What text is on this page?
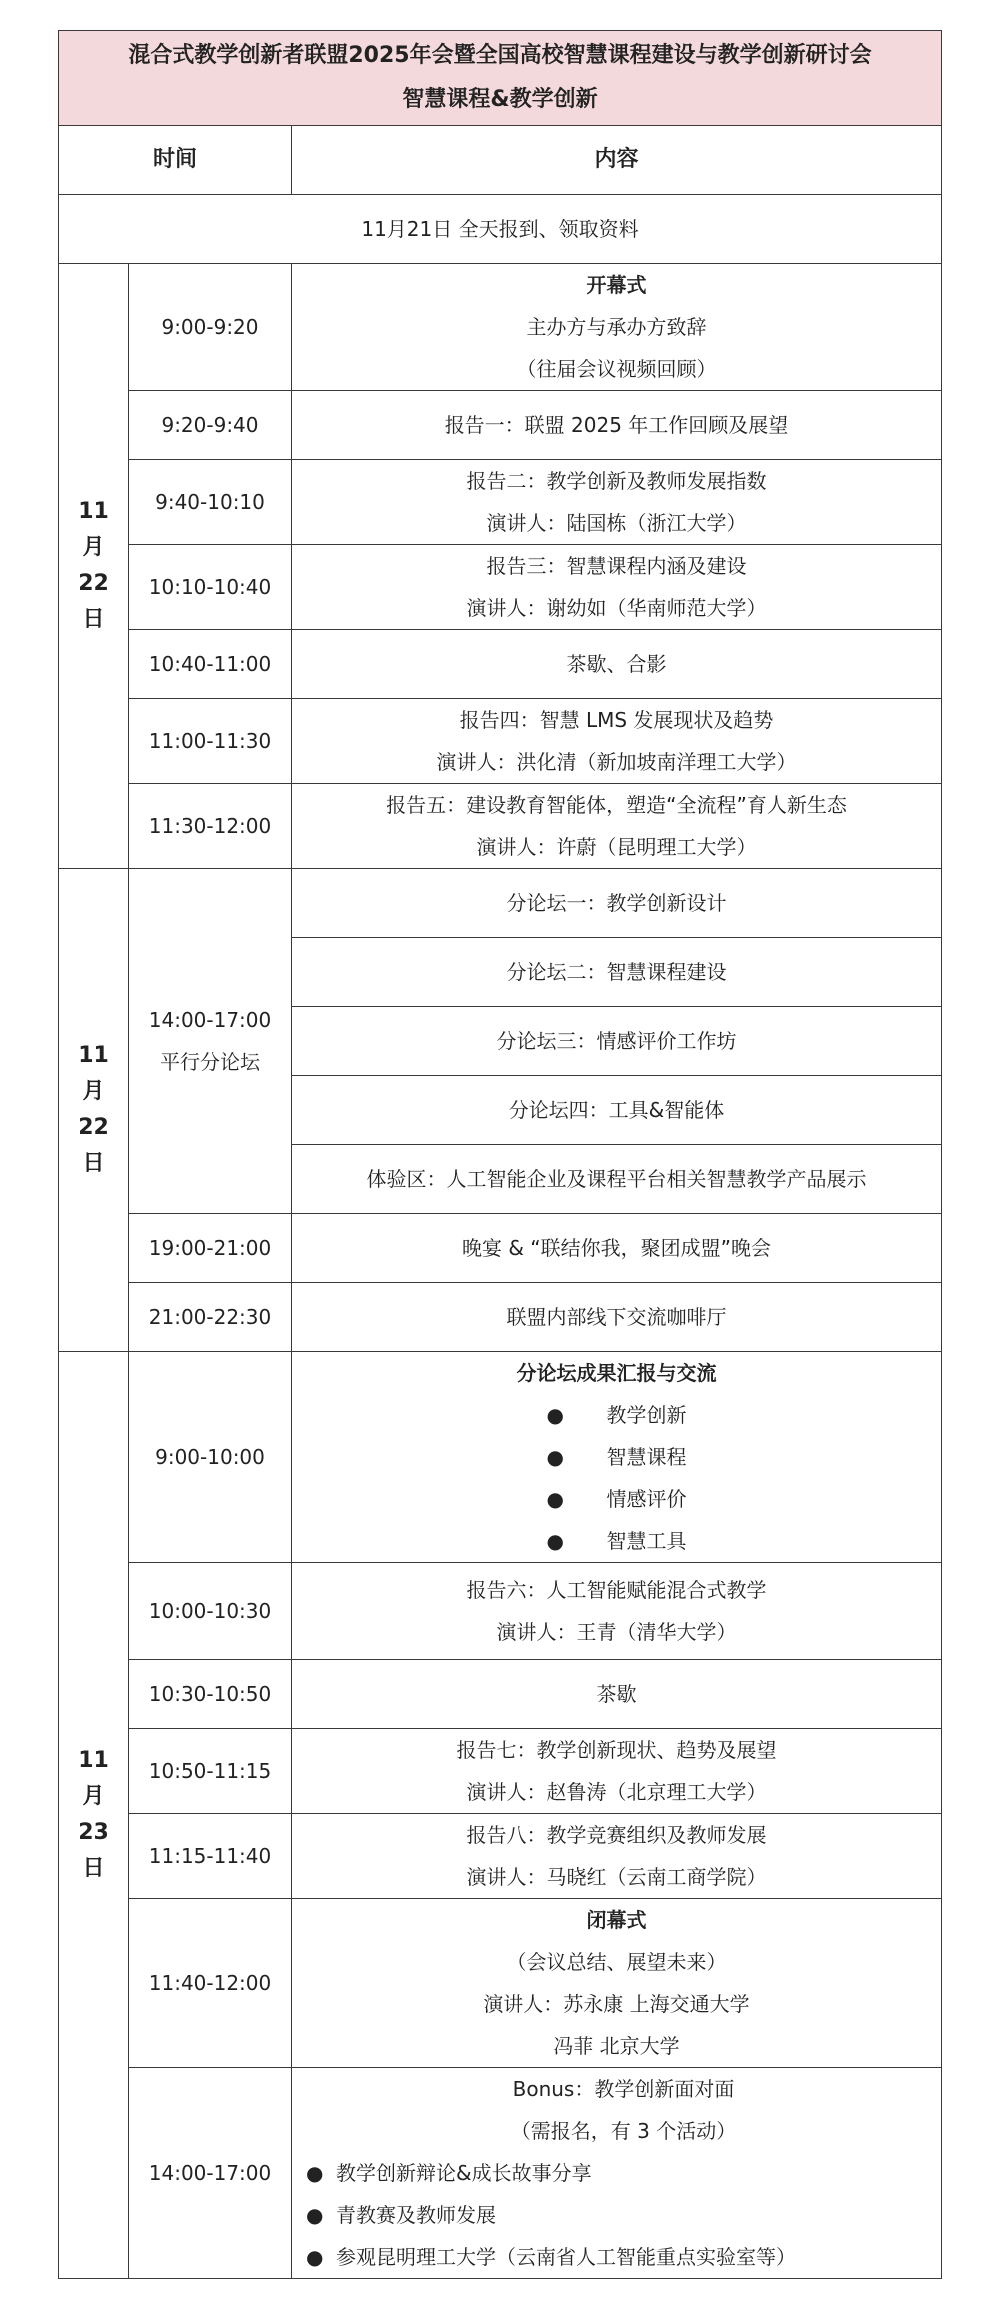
混合式教学创新者联盟2025年会暨全国高校智慧课程建设与教学创新研讨会
智慧课程&教学创新		

时间		内容
11月21日 全天报到、领取资料		

11
月
22
日	9:00-9:20	开幕式
主办方与承办方致辞
（往届会议视频回顾）

	9:20-9:40	报告一：联盟 2025 年工作回顾及展望
	9:40-10:10	报告二：教学创新及教师发展指数
演讲人：陆国栋（浙江大学）

	10:10-10:40	报告三：智慧课程内涵及建设
演讲人：谢幼如（华南师范大学）

	10:40-11:00	茶歇、合影
	11:00-11:30	报告四：智慧 LMS 发展现状及趋势
演讲人：洪化清（新加坡南洋理工大学）

	11:30-12:00	报告五：建设教育智能体，塑造“全流程”育人新生态
演讲人：许蔚（昆明理工大学）

11
月
22
日	14:00-17:00
平行分论坛	分论坛一：教学创新设计
		分论坛二：智慧课程建设
		分论坛三：情感评价工作坊
		分论坛四：工具&智能体
		体验区：人工智能企业及课程平台相关智慧教学产品展示
	19:00-21:00	晚宴 & “联结你我，聚团成盟”晚会
	21:00-22:30	联盟内部线下交流咖啡厅

11
月
23
日	9:00-10:00	分论坛成果汇报与交流
● 教学创新
● 智慧课程
● 情感评价
● 智慧工具

	10:00-10:30	报告六：人工智能赋能混合式教学
演讲人：王青（清华大学）

	10:30-10:50	茶歇
	10:50-11:15	报告七：教学创新现状、趋势及展望
演讲人：赵鲁涛（北京理工大学）

	11:15-11:40	报告八：教学竞赛组织及教师发展
演讲人：马晓红（云南工商学院）

	11:40-12:00	闭幕式
（会议总结、展望未来）
演讲人：苏永康 上海交通大学
冯菲 北京大学

	14:00-17:00	Bonus：教学创新面对面
（需报名，有 3 个活动）
● 教学创新辩论&成长故事分享
● 青教赛及教师发展
● 参观昆明理工大学（云南省人工智能重点实验室等）
